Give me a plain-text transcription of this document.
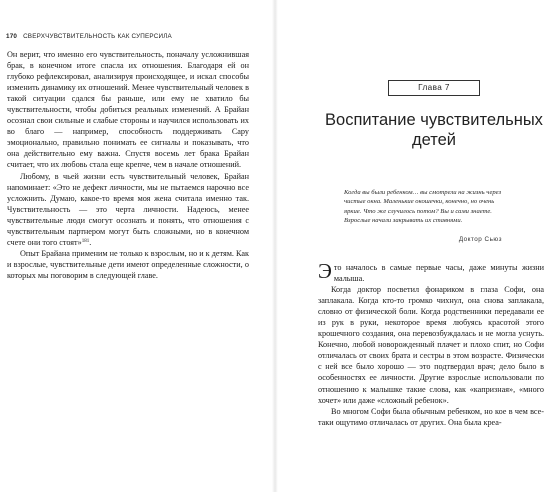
170 СВЕРХЧУВСТВИТЕЛЬНОСТЬ КАК СУПЕРСИЛА

Он верит, что именно его чувствительность, поначалу усложнившая брак, в конечном итоге спасла их отношения. Благодаря ей он глубоко рефлексировал, анализируя происходящее, и искал способы изменить динамику их отношений. Менее чувствительный человек в такой ситуации сдался бы раньше, или ему не хватило бы чувствительности, чтобы добиться реальных изменений. А Брайан осознал свои сильные и слабые стороны и научился использовать их во благо — например, способность поддерживать Сару эмоционально, правильно понимать ее сигналы и показывать, что она действительно ему важна. Спустя восемь лет брака Брайан считает, что их любовь стала еще крепче, чем в начале отношений.

Любому, в чьей жизни есть чувствительный человек, Брайан напоминает: «Это не дефект личности, мы не пытаемся нарочно все усложнить. Думаю, какое-то время моя жена считала именно так. Чувствительность — это черта личности. Надеюсь, менее чувствительные люди смогут осознать и понять, что отношения с чувствительным партнером могут быть сложными, но в конечном счете они того стоят»$^{181}$.

Опыт Брайана применим не только к взрослым, но и к детям. Как и взрослые, чувствительные дети имеют определенные сложности, о которых мы поговорим в следующей главе.

Глава 7
Воспитание чувствительных детей
Когда вы были ребенком… вы смотрели на жизнь через чистые окна. Маленькие окошечки, конечно, но очень яркие. Что же случилось потом? Вы и сами знаете. Взрослые начали закрывать их ставнями.
Доктор Сьюз

Это началось в самые первые часы, даже минуты жизни малыша.

Когда доктор посветил фонариком в глаза Софи, она заплакала. Когда кто-то громко чихнул, она снова заплакала, словно от физической боли. Когда родственники передавали ее из рук в руки, некоторое время любуясь красотой этого крошечного создания, она перевозбуждалась и не могла уснуть. Конечно, любой новорожденный плачет и плохо спит, но Софи отличалась от своих брата и сестры в этом возрасте. Физически с ней все было хорошо — это подтвердил врач; дело было в особенностях ее личности. Другие взрослые использовали по отношению к малышке такие слова, как «капризная», «много хочет» или даже «сложный ребенок».

Во многом Софи была обычным ребенком, но кое в чем все-таки ощутимо отличалась от других. Она была креа-
